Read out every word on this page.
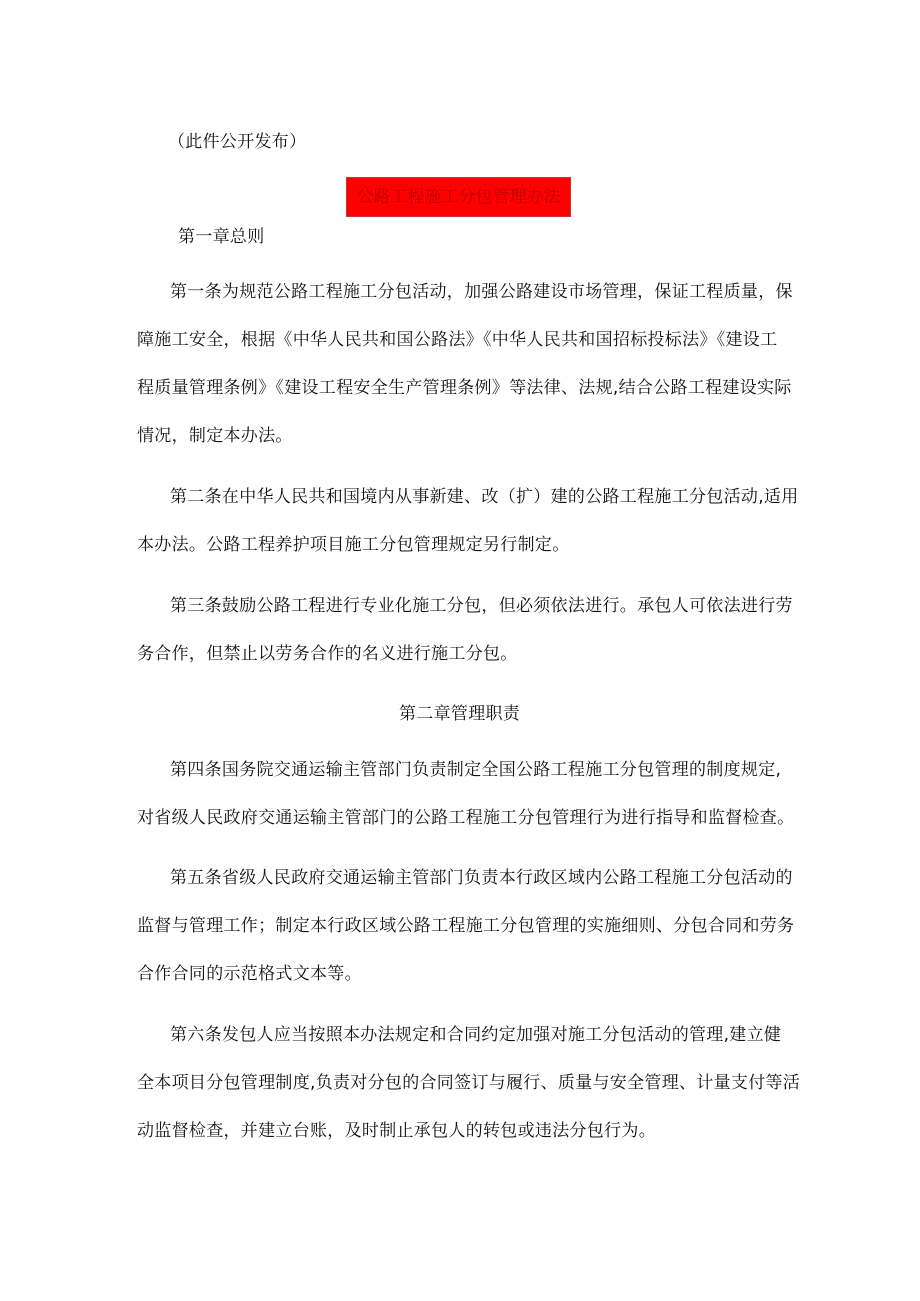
（此件公开发布）
公路工程施工分包管理办法
第一章总则
第一条为规范公路工程施工分包活动，加强公路建设市场管理，保证工程质量，保
障施工安全，根据《中华人民共和国公路法》《中华人民共和国招标投标法》《建设工
程质量管理条例》《建设工程安全生产管理条例》等法律、法规,结合公路工程建设实际
情况，制定本办法。
第二条在中华人民共和国境内从事新建、改（扩）建的公路工程施工分包活动,适用
本办法。公路工程养护项目施工分包管理规定另行制定。
第三条鼓励公路工程进行专业化施工分包，但必须依法进行。承包人可依法进行劳
务合作，但禁止以劳务合作的名义进行施工分包。
第二章管理职责
第四条国务院交通运输主管部门负责制定全国公路工程施工分包管理的制度规定,
对省级人民政府交通运输主管部门的公路工程施工分包管理行为进行指导和监督检查。
第五条省级人民政府交通运输主管部门负责本行政区域内公路工程施工分包活动的
监督与管理工作；制定本行政区域公路工程施工分包管理的实施细则、分包合同和劳务
合作合同的示范格式文本等。
第六条发包人应当按照本办法规定和合同约定加强对施工分包活动的管理,建立健
全本项目分包管理制度,负责对分包的合同签订与履行、质量与安全管理、计量支付等活
动监督检查，并建立台账，及时制止承包人的转包或违法分包行为。
